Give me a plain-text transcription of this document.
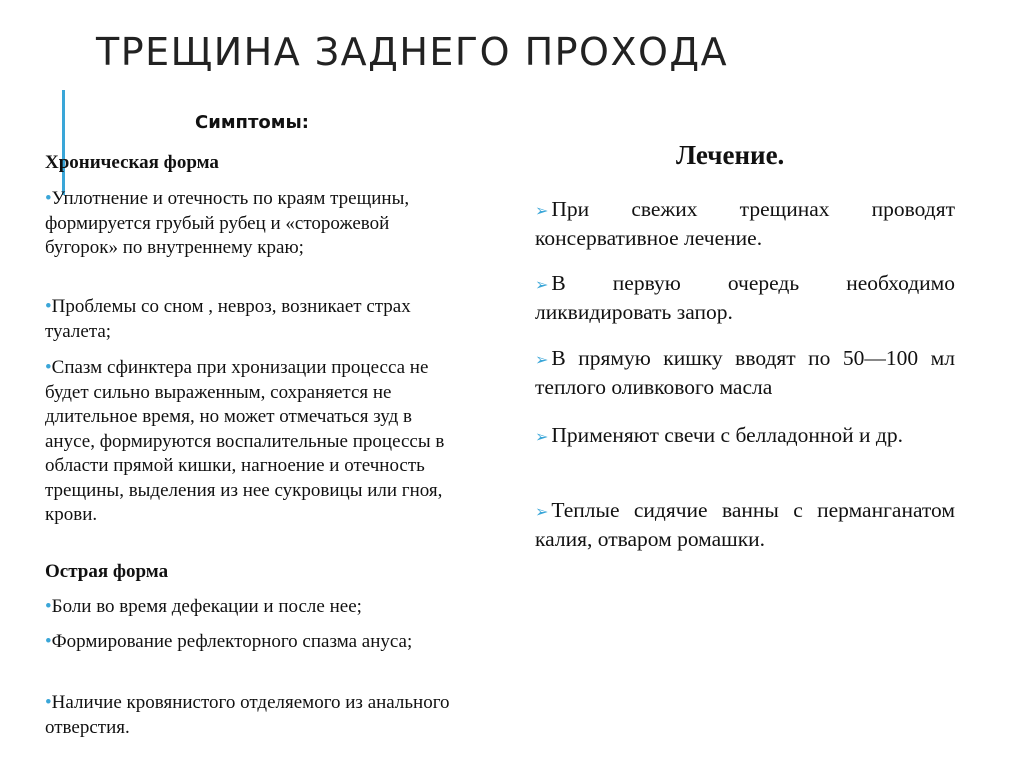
ТРЕЩИНА ЗАДНЕГО ПРОХОДА
Симптомы:

Хроническая форма

•Уплотнение и отечность по краям трещины, формируется грубый рубец и «сторожевой бугорок» по внутреннему краю;

•Проблемы со сном , невроз, возникает страх туалета;

•Спазм сфинктера при хронизации процесса не будет сильно выраженным, сохраняется не длительное время, но может отмечаться зуд в анусе, формируются воспалительные процессы в области прямой кишки, нагноение и отечность трещины, выделения из нее сукровицы или гноя, крови.

Острая форма

•Боли во время дефекации и после нее;

•Формирование рефлекторного спазма ануса;

•Наличие кровянистого отделяемого из анального отверстия.

Лечение.

➢ При свежих трещинах проводят консервативное лечение.

➢ В первую очередь необходимо ликвидировать запор.

➢ В прямую кишку вводят по 50—100 мл теплого оливкового масла

➢ Применяют свечи с белладонной и др.

➢ Теплые сидячие ванны с перманганатом калия, отваром ромашки.
